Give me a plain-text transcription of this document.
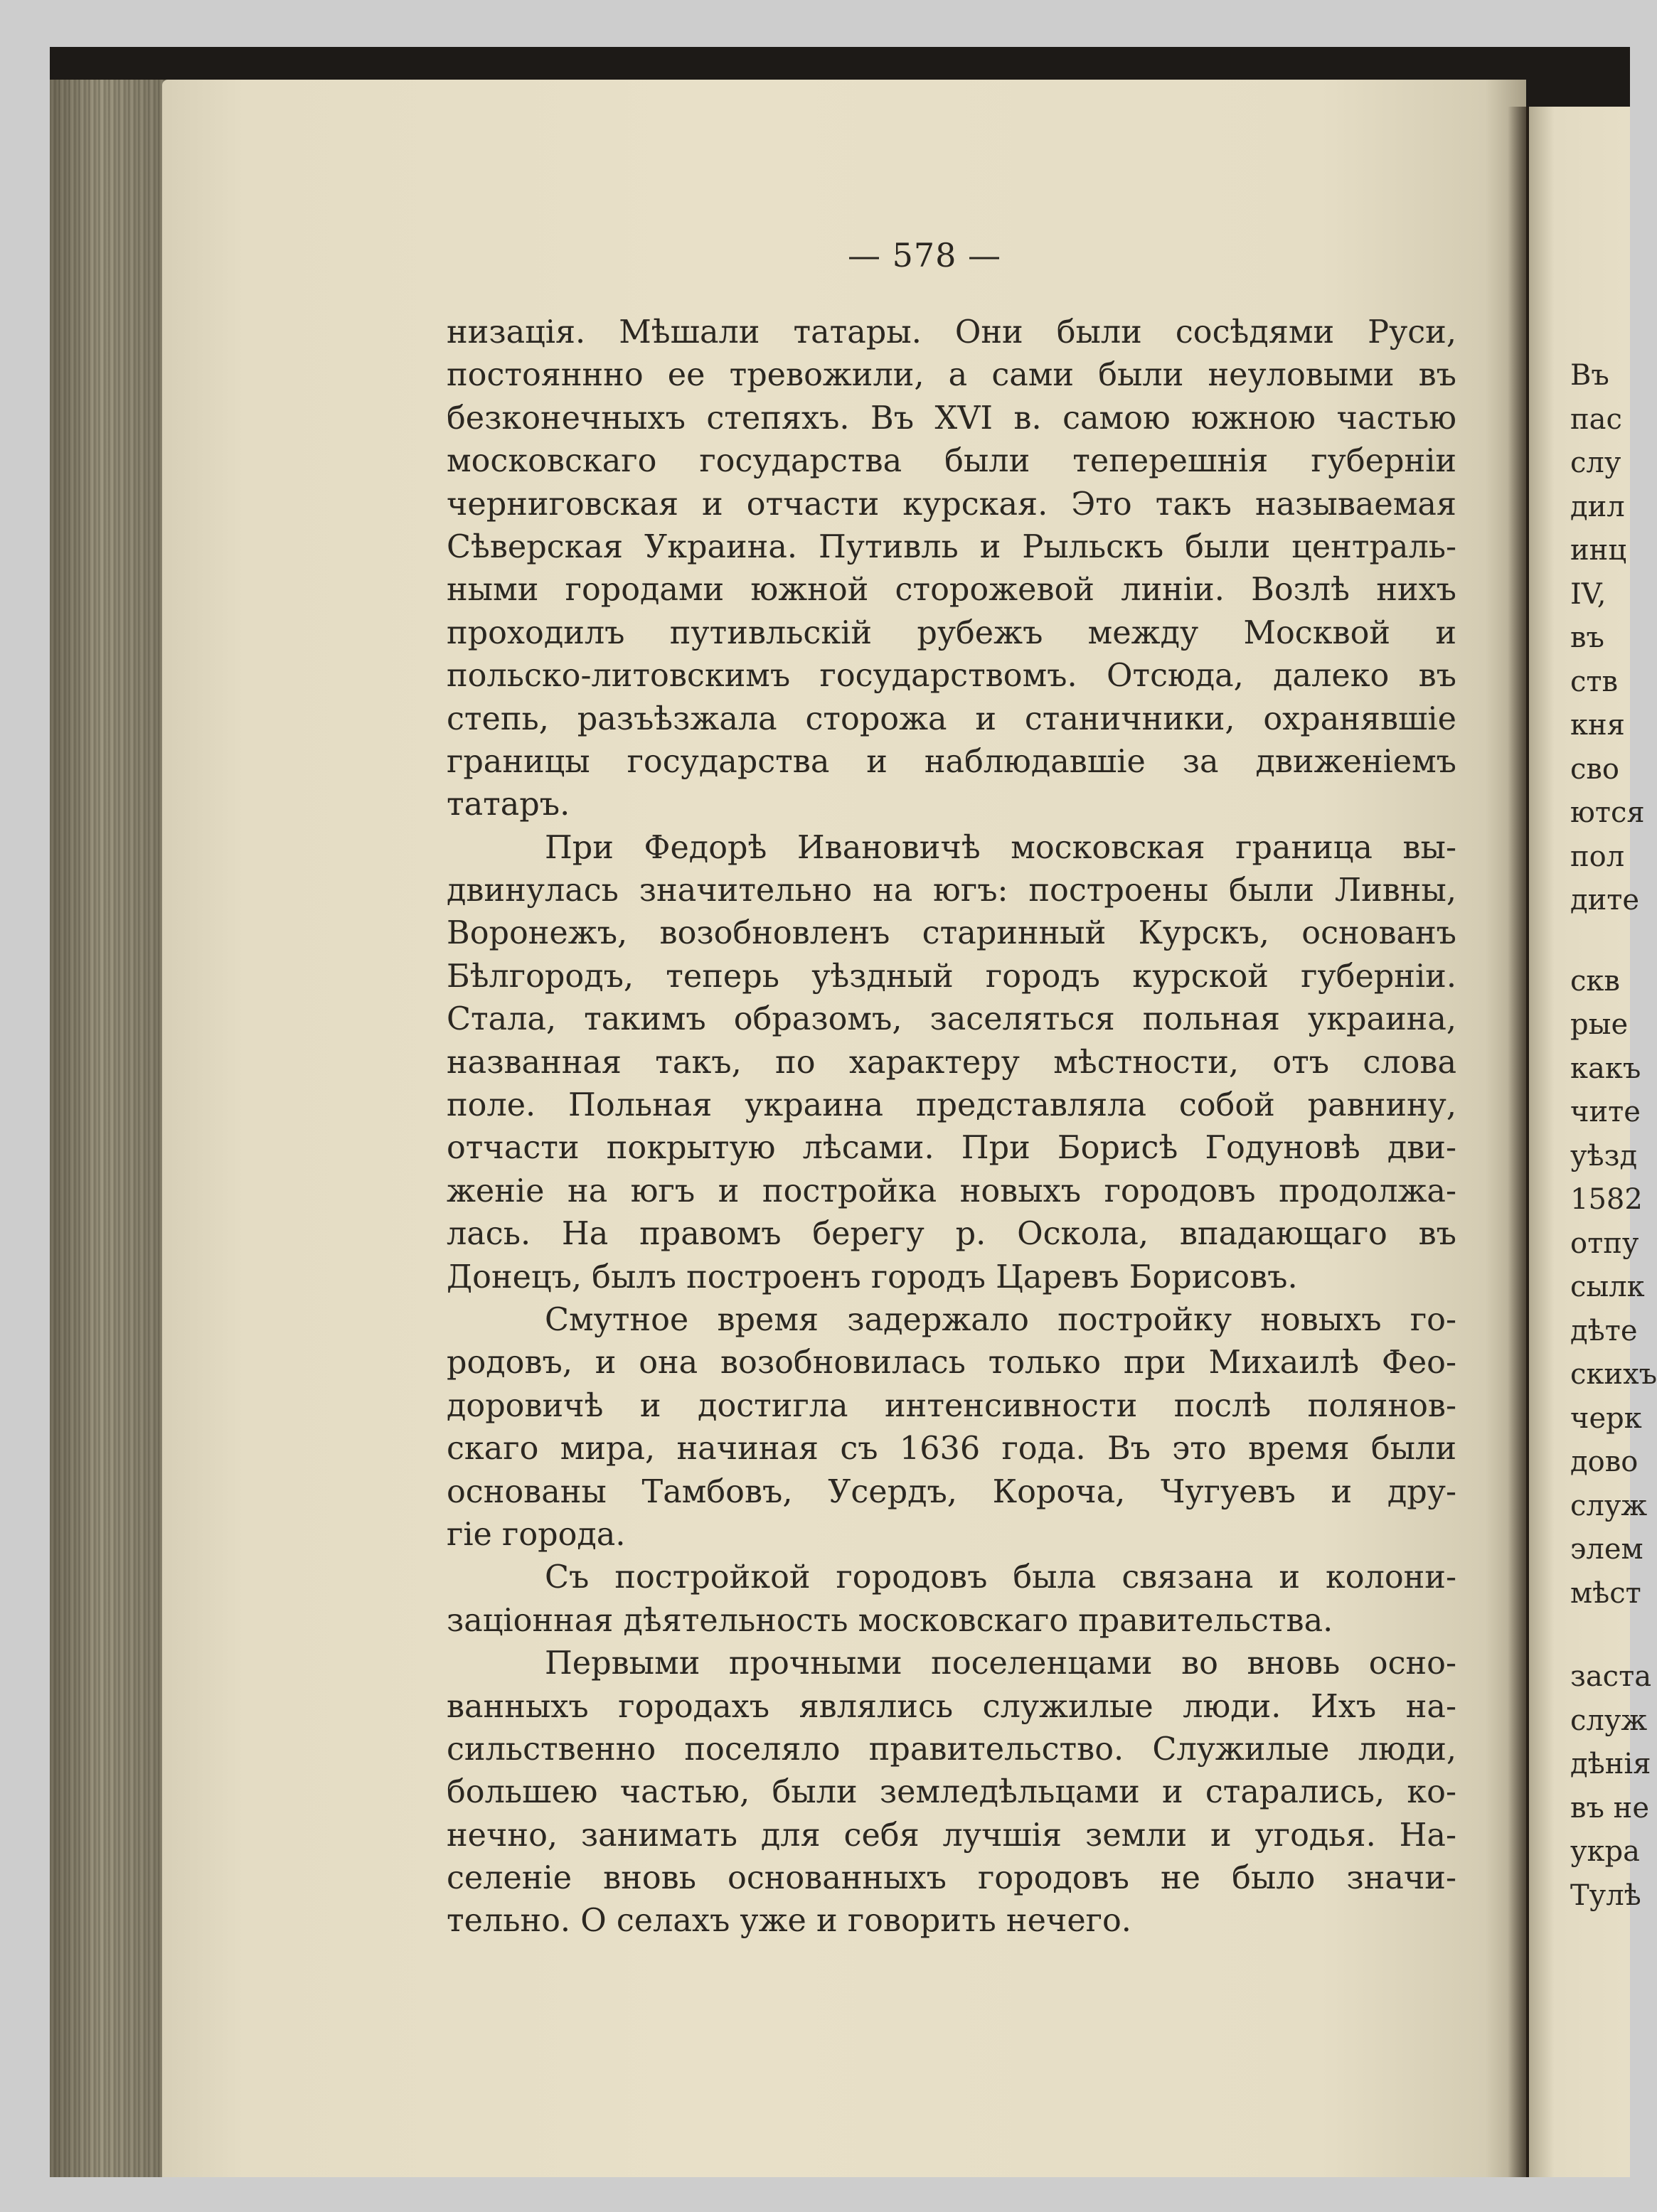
— 578 —
низацiя. Мѣшали татары. Они были сосѣдями Руси,
постояннно ее тревожили, а сами были неуловыми въ
безконечныхъ степяхъ. Въ XVI в. самою южною частью
московскаго государства были теперешнiя губернiи
черниговская и отчасти курская. Это такъ называемая
Сѣверская Украина. Путивль и Рыльскъ были централь-
ными городами южной сторожевой линiи. Возлѣ нихъ
проходилъ путивльскiй рубежъ между Москвой и
польско-литовскимъ государствомъ. Отсюда, далеко въ
степь, разъѣзжала сторожа и станичники, охранявшiе
границы государства и наблюдавшiе за движенiемъ
татаръ.
При Федорѣ Ивановичѣ московская граница вы-
двинулась значительно на югъ: построены были Ливны,
Воронежъ, возобновленъ старинный Курскъ, основанъ
Бѣлгородъ, теперь уѣздный городъ курской губернiи.
Стала, такимъ образомъ, заселяться польная украина,
названная такъ, по характеру мѣстности, отъ слова
поле. Польная украина представляла собой равнину,
отчасти покрытую лѣсами. При Борисѣ Годуновѣ дви-
женiе на югъ и постройка новыхъ городовъ продолжа-
лась. На правомъ берегу р. Оскола, впадающаго въ
Донецъ, былъ построенъ городъ Царевъ Борисовъ.
Смутное время задержало постройку новыхъ го-
родовъ, и она возобновилась только при Михаилѣ Фео-
доровичѣ и достигла интенсивности послѣ полянов-
скаго мира, начиная съ 1636 года. Въ это время были
основаны Тамбовъ, Усердъ, Короча, Чугуевъ и дру-
гiе города.
Съ постройкой городовъ была связана и колони-
зацiонная дѣятельность московскаго правительства.
Первыми прочными поселенцами во вновь осно-
ванныхъ городахъ являлись служилые люди. Ихъ на-
сильственно поселяло правительство. Служилые люди,
большею частью, были земледѣльцами и старались, ко-
нечно, занимать для себя лучшiя земли и угодья. На-
селенiе вновь основанныхъ городовъ не было значи-
тельно. О селахъ уже и говорить нечего.
Въ
пас
слу
дил
инц
IV,
въ
ств
кня
сво
ются
пол
дите
скв
рые
какъ
чите
уѣзд
1582
отпу
сылк
дѣте
скихъ
черк
дово
служ
элем
мѣст
заста
служ
дѣнiя
въ не
укра
Тулѣ
